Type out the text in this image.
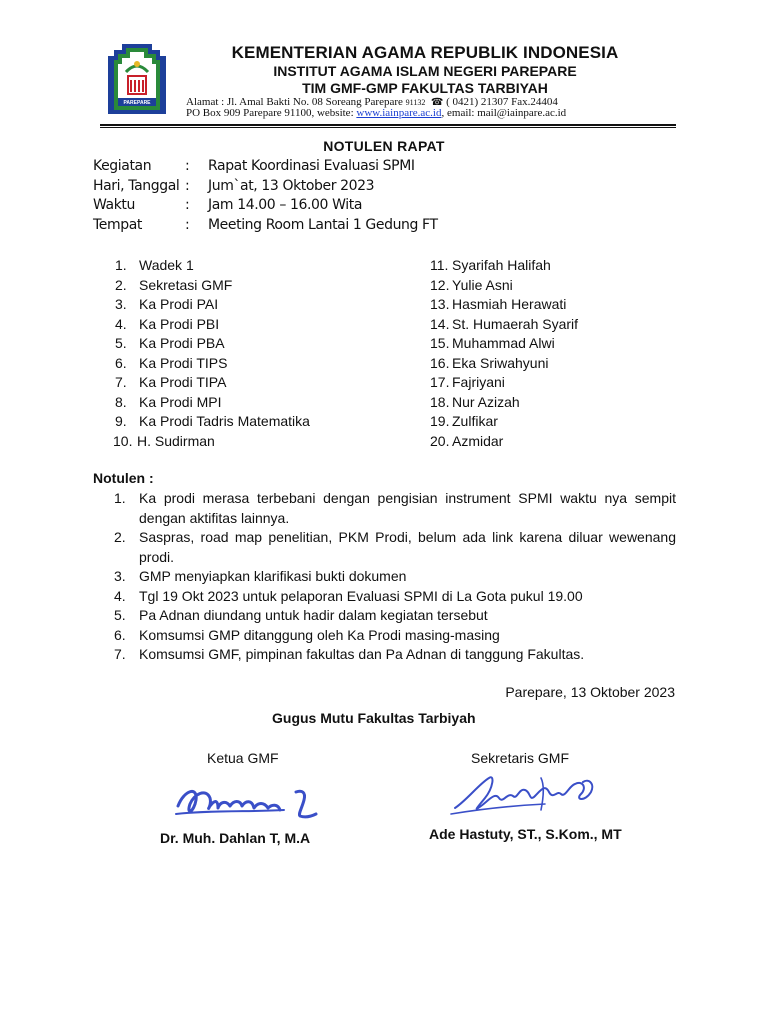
PAREPARE
KEMENTERIAN AGAMA REPUBLIK INDONESIA
INSTITUT AGAMA ISLAM NEGERI PAREPARE
TIM GMF-GMP FAKULTAS TARBIYAH
Alamat : Jl. Amal Bakti No. 08 Soreang Parepare 91132 ☎ ( 0421) 21307 Fax.24404
PO Box 909 Parepare 91100, website: www.iainpare.ac.id, email: mail@iainpare.ac.id
NOTULEN RAPAT
Kegiatan : Rapat Koordinasi Evaluasi SPMI
Hari, Tanggal : Jum`at, 13 Oktober 2023
Waktu	: Jam 14.00 – 16.00 Wita
Tempat	: Meeting Room Lantai 1 Gedung FT
1. Wadek 1
2. Sekretasi GMF
3. Ka Prodi PAI
4. Ka Prodi PBI
5. Ka Prodi PBA
6. Ka Prodi TIPS
7. Ka Prodi TIPA
8. Ka Prodi MPI
9. Ka Prodi Tadris Matematika
10. H. Sudirman
11. Syarifah Halifah
12. Yulie Asni
13. Hasmiah Herawati
14. St. Humaerah Syarif
15. Muhammad Alwi
16. Eka Sriwahyuni
17. Fajriyani
18. Nur Azizah
19. Zulfikar
20. Azmidar
Notulen :
1. Ka prodi merasa terbebani dengan pengisian instrument SPMI waktu nya sempit dengan aktifitas lainnya.
2. Saspras, road map penelitian, PKM Prodi, belum ada link karena diluar wewenang prodi.
3. GMP menyiapkan klarifikasi bukti dokumen
4. Tgl 19 Okt 2023 untuk pelaporan Evaluasi SPMI di La Gota pukul 19.00
5. Pa Adnan diundang untuk hadir dalam kegiatan tersebut
6. Komsumsi GMP ditanggung oleh Ka Prodi masing-masing
7. Komsumsi GMF, pimpinan fakultas dan Pa Adnan di tanggung Fakultas.
Parepare, 13 Oktober 2023
Gugus Mutu Fakultas Tarbiyah
Ketua GMF	Sekretaris GMF
Dr. Muh. Dahlan T, M.A	Ade Hastuty, ST., S.Kom., MT
